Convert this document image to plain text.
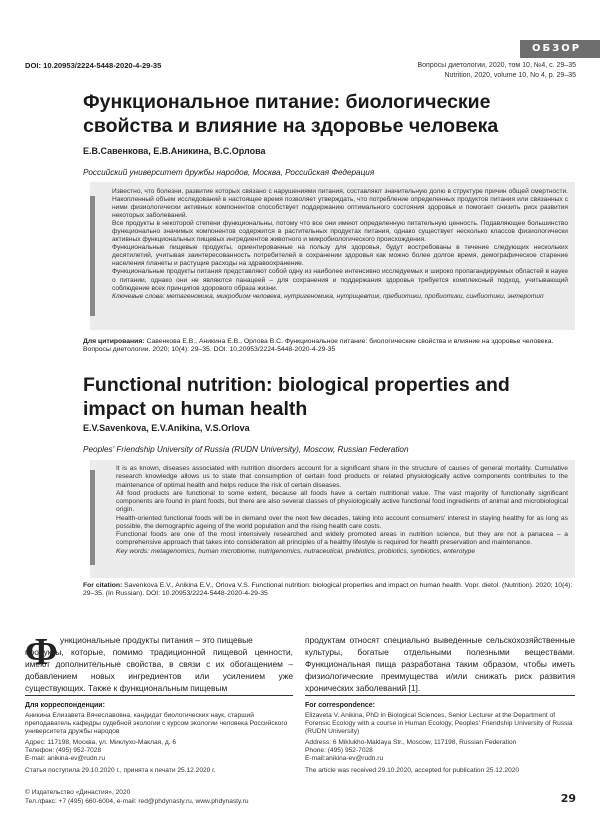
ОБЗОР
DOI: 10.20953/2224-5448-2020-4-29-35	Вопросы диетологии, 2020, том 10, №4, с. 29–35
Nutrition, 2020, volume 10, No 4, p. 29–35
Функциональное питание: биологические свойства и влияние на здоровье человека
Е.В.Савенкова, Е.В.Аникина, В.С.Орлова
Российский университет дружбы народов, Москва, Российская Федерация

Известно, что болезни, развитие которых связано с нарушениями питания, составляют значительную долю в структуре причин общей смертности. Накопленный объем исследований в настоящее время позволяет утверждать, что потребление определенных продуктов питания или связанных с ними физиологически активных компонентов способствует поддержанию оптимального состояния здоровья и помогает снизить риск развития некоторых заболеваний.

Все продукты в некоторой степени функциональны, потому что все они имеют определенную питательную ценность. Подавляющее большинство функционально значимых компонентов содержится в растительных продуктах питания, однако существует несколько классов физиологически активных функциональных пищевых ингредиентов животного и микробиологического происхождения.

Функциональные пищевые продукты, ориентированные на пользу для здоровья, будут востребованы в течение следующих нескольких десятилетий, учитывая заинтересованность потребителей в сохранении здоровья как можно более долгое время, демографическое старение населения планеты и растущие расходы на здравоохранение.

Функциональные продукты питания представляют собой одну из наиболее интенсивно исследуемых и широко пропагандируемых областей в науке о питании, однако они не являются панацеей – для сохранения и поддержания здоровья требуется комплексный подход, учитывающий соблюдение всех принципов здорового образа жизни.

Ключевые слова: метагеномика, микробиом человека, нутригеномика, нутрицевтик, пребиотики, пробиотики, синбиотики, энтеротип

Для цитирования: Савенкова Е.В., Аникина Е.В., Орлова В.С. Функциональное питание: биологические свойства и влияние на здоровье человека. Вопросы диетологии. 2020; 10(4): 29–35. DOI: 10.20953/2224-5448-2020-4-29-35
Functional nutrition: biological properties and impact on human health
E.V.Savenkova, E.V.Anikina, V.S.Orlova
Peoples' Friendship University of Russia (RUDN University), Moscow, Russian Federation

It is as known, diseases associated with nutrition disorders account for a significant share in the structure of causes of general mortality. Cumulative research knowledge allows us to state that consumption of certain food products or related physiologically active components contributes to the maintenance of optimal health and helps reduce the risk of certain diseases.

All food products are functional to some extent, because all foods have a certain nutritional value. The vast majority of functionally significant components are found in plant foods, but there are also several classes of physiologically active functional food ingredients of animal and microbiological origin.

Health-oriented functional foods will be in demand over the next few decades, taking into account consumers' interest in staying healthy for as long as possible, the demographic ageing of the world population and the rising health care costs.

Functional foods are one of the most intensively researched and widely promoted areas in nutrition science, but they are not a panacea – a comprehensive approach that takes into consideration all principles of a healthy lifestyle is required for health preservation and maintenance.

Key words: metagenomics, human microbiome, nutrigenomics, nutraceutical, prebiotics, probiotics, synbiotics, enterotype

For citation: Savenkova E.V., Anikina E.V., Orlova V.S. Functional nutrition: biological properties and impact on human health. Vopr. dietol. (Nutrition). 2020; 10(4): 29–35. (In Russian). DOI: 10.20953/2224-5448-2020-4-29-35
Ф ункциональные продукты питания – это пищевые
продукты, которые, помимо традиционной пищевой ценности, имеют дополнительные свойства, в связи с их обогащением – добавлением новых ингредиентов или усилением уже существующих. Также к функциональным пищевым
продуктам относят специально выведенные сельскохозяйственные культуры, богатые отдельными полезными веществами. Функциональная пища разработана таким образом, чтобы иметь физиологические преимущества и/или снижать риск развития хронических заболеваний [1].
Для корреспонденции:
Аникина Елизавета Вячеславовна, кандидат биологических наук, старший преподаватель кафедры судебной экологии с курсом экологии человека Российского университета дружбы народов
Адрес: 117198, Москва, ул. Миклухо-Маклая, д. 6
Телефон: (495) 952-7028
E-mail: anikina-ev@rudn.ru
Статья поступила 29.10.2020 г., принята к печати 25.12.2020 г.
For correspondence:
Elizaveta V. Anikina, PhD in Biological Sciences, Senior Lecturer at the Department of Forensic Ecology with a course in Human Ecology, Peoples' Friendship University of Russia (RUDN University)
Address: 6 Miklukho-Maklaya Str., Moscow, 117198, Russian Federation
Phone: (495) 952-7028
E-mail:anikina-ev@rudn.ru
The article was received 29.10.2020, accepted for publication 25.12.2020
© Издательство «Династия», 2020
Тел./факс: +7 (495) 660-6004, e-mail: red@phdynasty.ru, www.phdynasty.ru	29
